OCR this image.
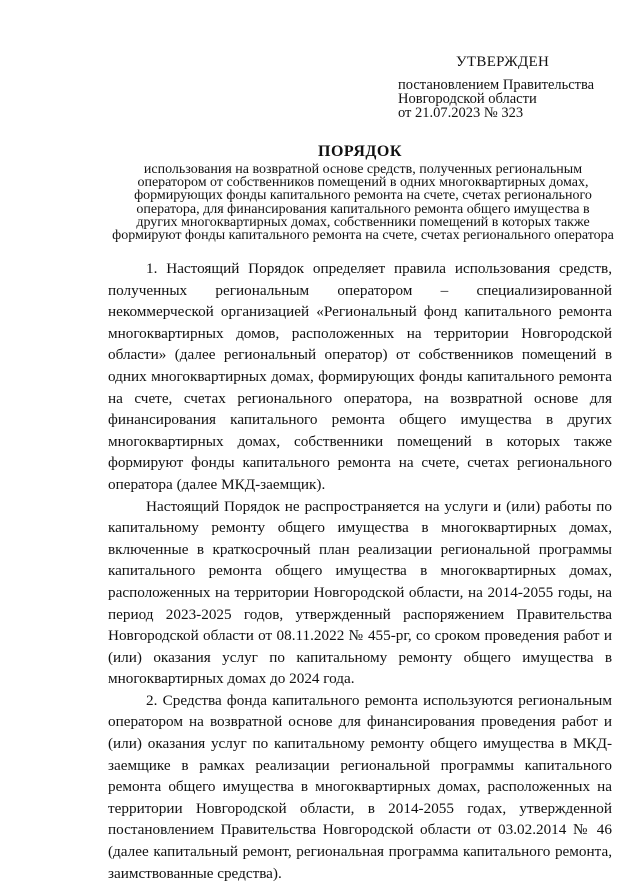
УТВЕРЖДЕН
постановлением Правительства
Новгородской области
от 21.07.2023 № 323
ПОРЯДОК
использования на возвратной основе средств, полученных региональным
оператором от собственников помещений в одних многоквартирных домах,
формирующих фонды капитального ремонта на счете, счетах регионального
оператора, для финансирования капитального ремонта общего имущества в
других многоквартирных домах, собственники помещений в которых также
формируют фонды капитального ремонта на счете, счетах регионального оператора

1. Настоящий Порядок определяет правила использования средств, полученных региональным оператором – специализированной некоммерческой организацией «Региональный фонд капитального ремонта многоквартирных домов, расположенных на территории Новгородской области» (далее региональный оператор) от собственников помещений в одних многоквартирных домах, формирующих фонды капитального ремонта на счете, счетах регионального оператора, на возвратной основе для финансирования капитального ремонта общего имущества в других многоквартирных домах, собственники помещений в которых также формируют фонды капитального ремонта на счете, счетах регионального оператора (далее МКД-заемщик).

Настоящий Порядок не распространяется на услуги и (или) работы по капитальному ремонту общего имущества в многоквартирных домах, включенные в краткосрочный план реализации региональной программы капитального ремонта общего имущества в многоквартирных домах, расположенных на территории Новгородской области, на 2014-2055 годы, на период 2023-2025 годов, утвержденный распоряжением Правительства Новгородской области от 08.11.2022 № 455-рг, со сроком проведения работ и (или) оказания услуг по капитальному ремонту общего имущества в многоквартирных домах до 2024 года.

2. Средства фонда капитального ремонта используются региональным оператором на возвратной основе для финансирования проведения работ и (или) оказания услуг по капитальному ремонту общего имущества в МКД-заемщике в рамках реализации региональной программы капитального ремонта общего имущества в многоквартирных домах, расположенных на территории Новгородской области, в 2014-2055 годах, утвержденной постановлением Правительства Новгородской области от 03.02.2014 № 46 (далее капитальный ремонт, региональная программа капитального ремонта, заимствованные средства).
